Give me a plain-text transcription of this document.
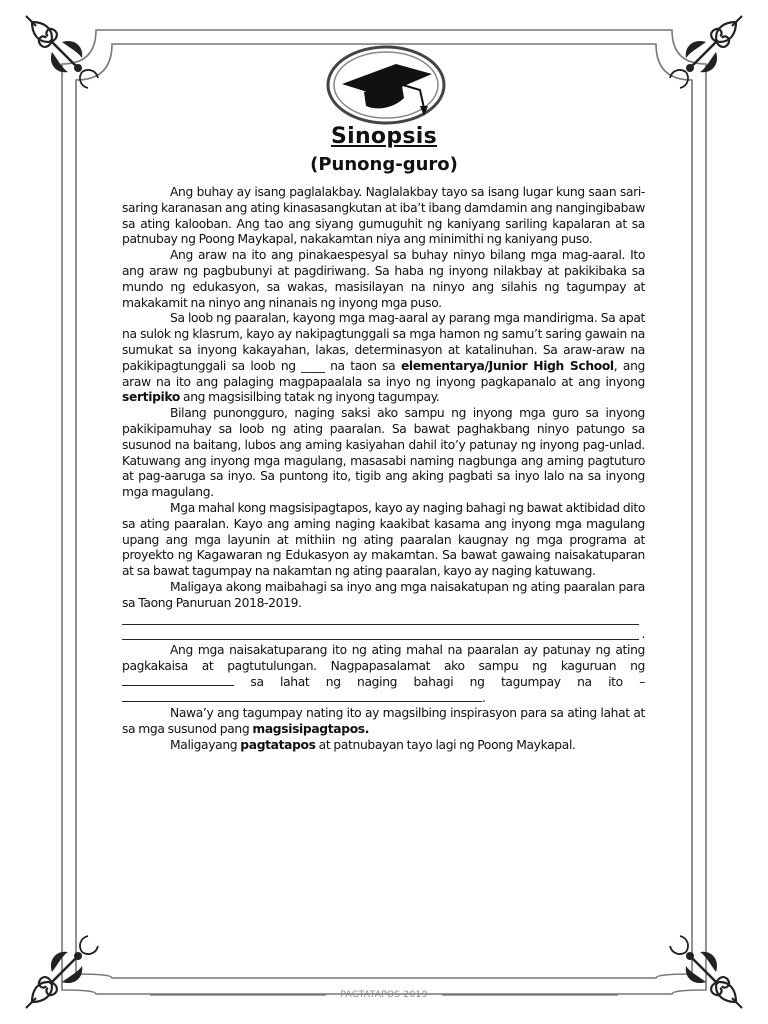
Sinopsis
(Punong-guro)

Ang buhay ay isang paglalakbay. Naglalakbay tayo sa isang lugar kung saan sari-saring karanasan ang ating kinasasangkutan at iba’t ibang damdamin ang nangingibabaw sa ating kalooban. Ang tao ang siyang gumuguhit ng kaniyang sariling kapalaran at sa patnubay ng Poong Maykapal, nakakamtan niya ang minimithi ng kaniyang puso.

Ang araw na ito ang pinakaespesyal sa buhay ninyo bilang mga mag-aaral. Ito ang araw ng pagbubunyi at pagdiriwang. Sa haba ng inyong nilakbay at pakikibaka sa mundo ng edukasyon, sa wakas, masisilayan na ninyo ang silahis ng tagumpay at makakamit na ninyo ang ninanais ng inyong mga puso.

Sa loob ng paaralan, kayong mga mag-aaral ay parang mga mandirigma. Sa apat na sulok ng klasrum, kayo ay nakipagtunggali sa mga hamon ng samu’t saring gawain na sumukat sa inyong kakayahan, lakas, determinasyon at katalinuhan. Sa araw-araw na pakikipagtunggali sa loob ng ____ na taon sa elementarya/Junior High School, ang araw na ito ang palaging magpapaalala sa inyo ng inyong pagkapanalo at ang inyong sertipiko ang magsisilbing tatak ng inyong tagumpay.

Bilang punongguro, naging saksi ako sampu ng inyong mga guro sa inyong pakikipamuhay sa loob ng ating paaralan. Sa bawat paghakbang ninyo patungo sa susunod na baitang, lubos ang aming kasiyahan dahil ito’y patunay ng inyong pag-unlad. Katuwang ang inyong mga magulang, masasabi naming nagbunga ang aming pagtuturo at pag-aaruga sa inyo. Sa puntong ito, tigib ang aking pagbati sa inyo lalo na sa inyong mga magulang.

Mga mahal kong magsisipagtapos, kayo ay naging bahagi ng bawat aktibidad dito sa ating paaralan. Kayo ang aming naging kaakibat kasama ang inyong mga magulang upang ang mga layunin at mithiin ng ating paaralan kaugnay ng mga programa at proyekto ng Kagawaran ng Edukasyon ay makamtan. Sa bawat gawaing naisakatuparan at sa bawat tagumpay na nakamtan ng ating paaralan, kayo ay naging katuwang.

Maligaya akong maibahagi sa inyo ang mga naisakatupan ng ating paaralan para sa Taong Panuruan 2018-2019.

.

Ang mga naisakatuparang ito ng ating mahal na paaralan ay patunay ng ating pagkakaisa at pagtutulungan. Nagpapasalamat ako sampu ng kaguruan ng  sa lahat ng naging bahagi ng tagumpay na ito – .

Nawa’y ang tagumpay nating ito ay magsilbing inspirasyon para sa ating lahat at sa mga susunod pang magsisipagtapos.

Maligayang pagtatapos at patnubayan tayo lagi ng Poong Maykapal.

PAGTATAPOS 2019
